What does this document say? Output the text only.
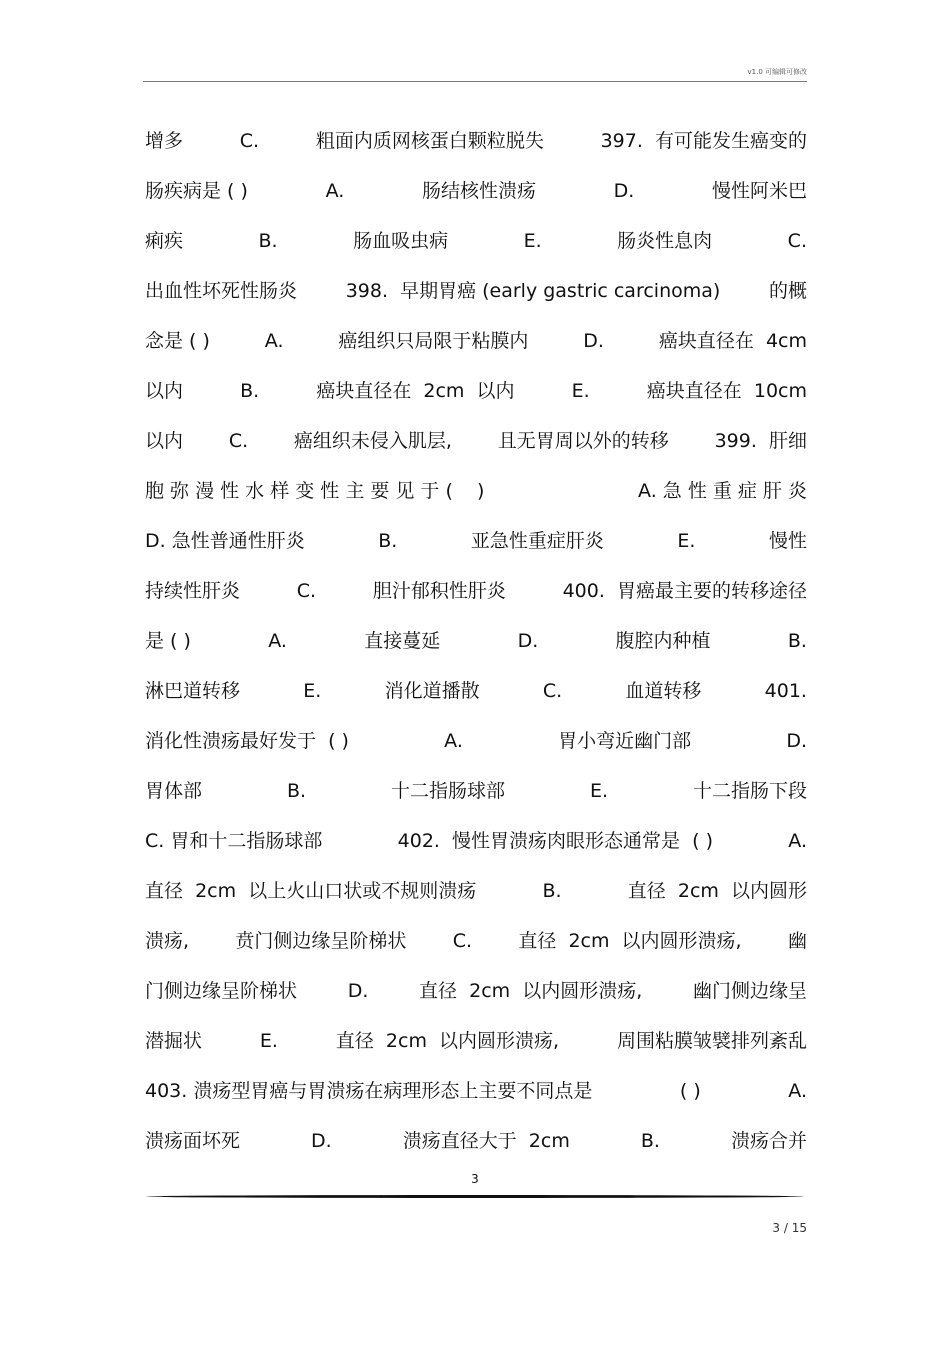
v1.0 可编辑可修改
增多	C.	粗面内质网核蛋白颗粒脱失	397.  有可能发生癌变的
肠疾病是 ( )	A.	肠结核性溃疡	D.	慢性阿米巴
痢疾	B.	肠血吸虫病	E.	肠炎性息肉	C.
出血性坏死性肠炎	398.  早期胃癌 (early gastric carcinoma)	的概
念是 ( )	A.	癌组织只局限于粘膜内	D.	癌块直径在  4cm
以内	B.	癌块直径在  2cm  以内	E.	癌块直径在  10cm
以内 C. 癌组织未侵入肌层, 且无胃周以外的转移 399.  肝细
胞 弥 漫 性 水 样 变 性 主 要 见 于 (    )	A. 急 性 重 症 肝 炎
D. 急性普通性肝炎	B.	亚急性重症肝炎	E.	慢性
持续性肝炎	C.	胆汁郁积性肝炎	400.  胃癌最主要的转移途径
是 ( )	A.	直接蔓延	D.	腹腔内种植	B.
淋巴道转移	E.	消化道播散	C.	血道转移	401.
消化性溃疡最好发于  ( )	A.	胃小弯近幽门部	D.
胃体部	B.	十二指肠球部	E.	十二指肠下段
C. 胃和十二指肠球部	402.  慢性胃溃疡肉眼形态通常是  ( )	A.
直径  2cm  以上火山口状或不规则溃疡	B.	直径  2cm  以内圆形
溃疡, 贲门侧边缘呈阶梯状 C. 直径  2cm  以内圆形溃疡, 幽
门侧边缘呈阶梯状	D.	直径  2cm  以内圆形溃疡,	幽门侧边缘呈
潜掘状	E.	直径  2cm  以内圆形溃疡,	周围粘膜皱襞排列紊乱
403. 溃疡型胃癌与胃溃疡在病理形态上主要不同点是	( )	A.
溃疡面坏死	D.	溃疡直径大于  2cm	B.	溃疡合并
3
3 / 15
